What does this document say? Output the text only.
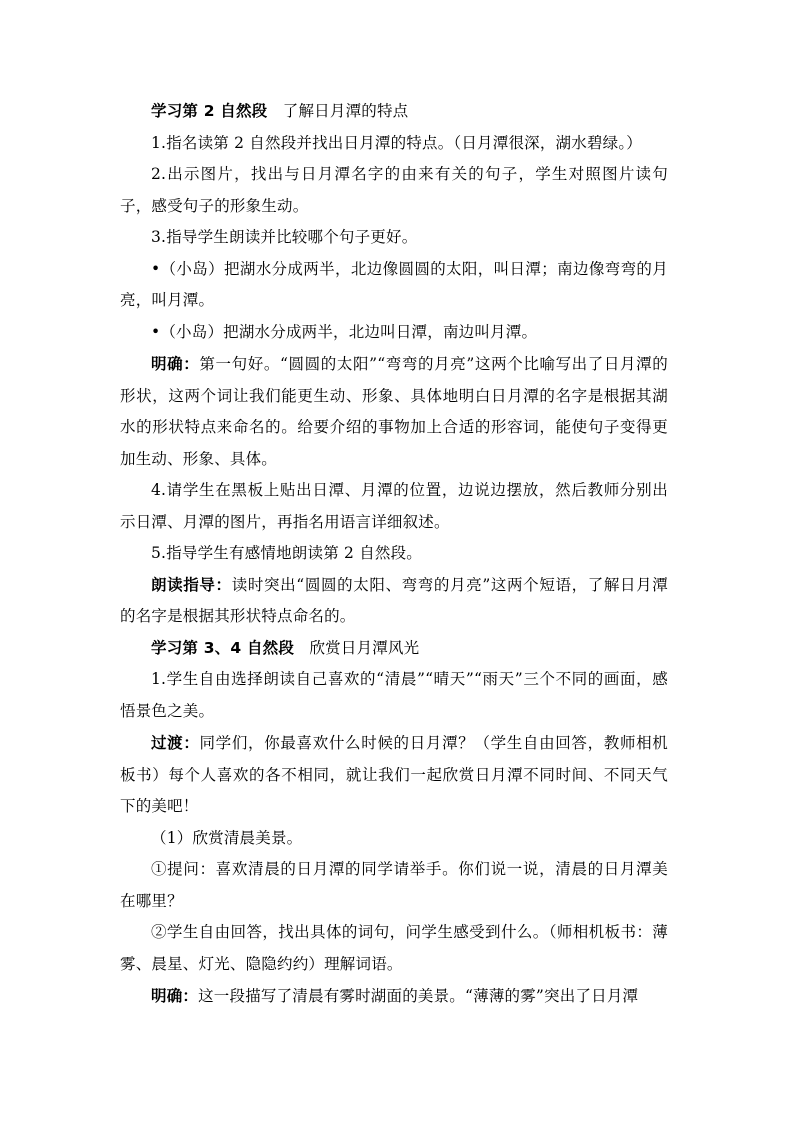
学习第 2 自然段 了解日月潭的特点

1.指名读第 2 自然段并找出日月潭的特点。（日月潭很深，湖水碧绿。）

2.出示图片，找出与日月潭名字的由来有关的句子，学生对照图片读句子，感受句子的形象生动。

3.指导学生朗读并比较哪个句子更好。

•（小岛）把湖水分成两半，北边像圆圆的太阳，叫日潭；南边像弯弯的月亮，叫月潭。

•（小岛）把湖水分成两半，北边叫日潭，南边叫月潭。

明确：第一句好。“圆圆的太阳”“弯弯的月亮”这两个比喻写出了日月潭的形状，这两个词让我们能更生动、形象、具体地明白日月潭的名字是根据其湖水的形状特点来命名的。给要介绍的事物加上合适的形容词，能使句子变得更加生动、形象、具体。

4.请学生在黑板上贴出日潭、月潭的位置，边说边摆放，然后教师分别出示日潭、月潭的图片，再指名用语言详细叙述。

5.指导学生有感情地朗读第 2 自然段。

朗读指导：读时突出“圆圆的太阳、弯弯的月亮”这两个短语，了解日月潭的名字是根据其形状特点命名的。

学习第 3、4 自然段 欣赏日月潭风光

1.学生自由选择朗读自己喜欢的“清晨”“晴天”“雨天”三个不同的画面，感悟景色之美。

过渡：同学们，你最喜欢什么时候的日月潭？（学生自由回答，教师相机板书）每个人喜欢的各不相同，就让我们一起欣赏日月潭不同时间、不同天气下的美吧！

（1）欣赏清晨美景。

①提问：喜欢清晨的日月潭的同学请举手。你们说一说，清晨的日月潭美在哪里？

②学生自由回答，找出具体的词句，问学生感受到什么。（师相机板书：薄雾、晨星、灯光、隐隐约约）理解词语。

明确：这一段描写了清晨有雾时湖面的美景。“薄薄的雾”突出了日月潭
